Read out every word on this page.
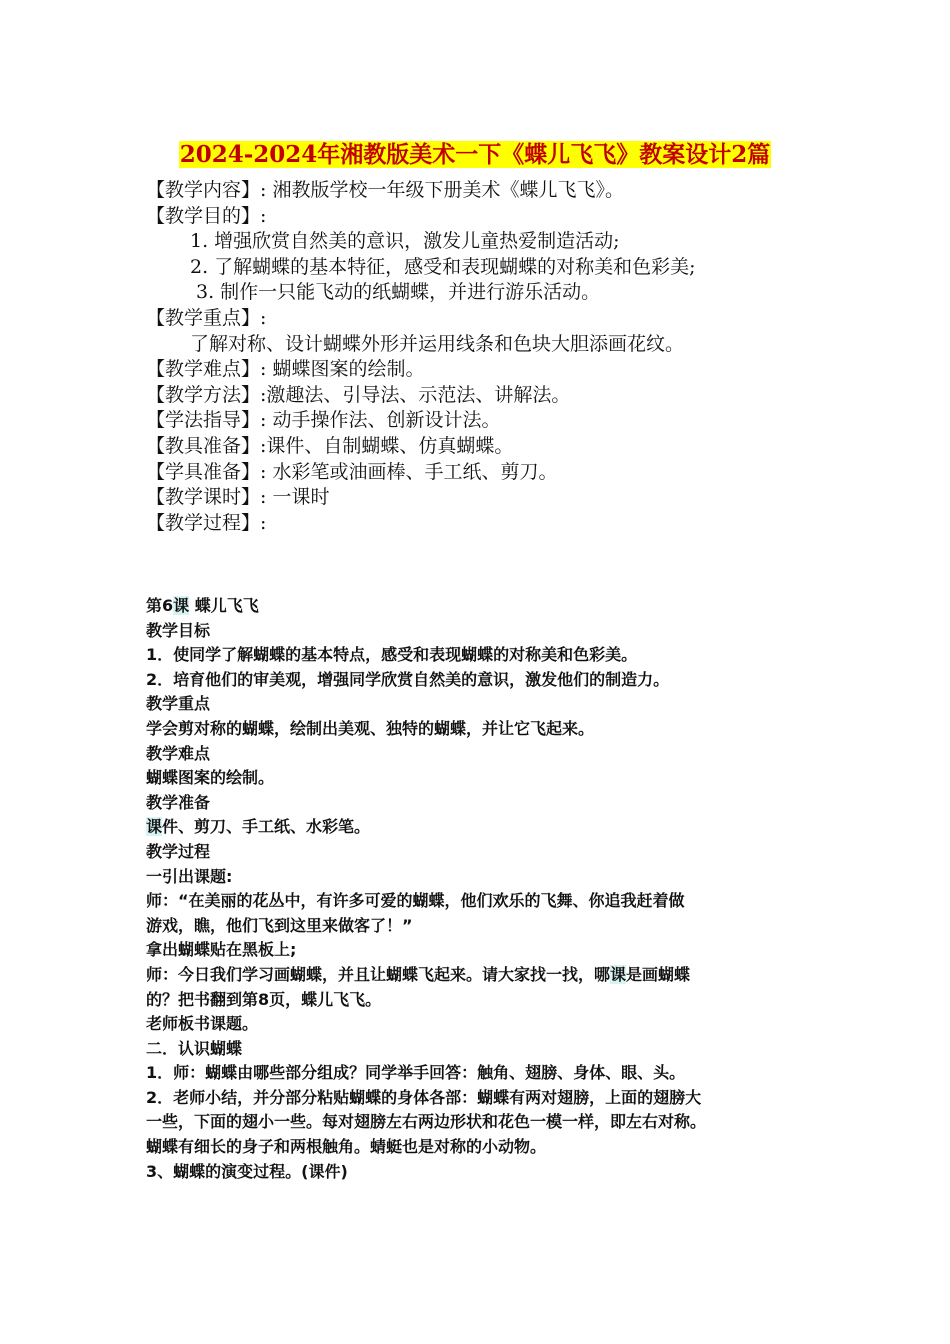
2024-2024年湘教版美术一下《蝶儿飞飞》教案设计2篇
【教学内容】: 湘教版学校一年级下册美术《蝶儿飞飞》。
【教学目的】:
1. 增强欣赏自然美的意识，激发儿童热爱制造活动;
2. 了解蝴蝶的基本特征，感受和表现蝴蝶的对称美和色彩美;
3. 制作一只能飞动的纸蝴蝶，并进行游乐活动。
【教学重点】:
了解对称、设计蝴蝶外形并运用线条和色块大胆添画花纹。
【教学难点】: 蝴蝶图案的绘制。
【教学方法】:激趣法、引导法、示范法、讲解法。
【学法指导】: 动手操作法、创新设计法。
【教具准备】:课件、自制蝴蝶、仿真蝴蝶。
【学具准备】: 水彩笔或油画棒、手工纸、剪刀。
【教学课时】: 一课时
【教学过程】:
第6课 蝶儿飞飞
教学目标
1．使同学了解蝴蝶的基本特点，感受和表现蝴蝶的对称美和色彩美。
2．培育他们的审美观，增强同学欣赏自然美的意识，激发他们的制造力。
教学重点
学会剪对称的蝴蝶，绘制出美观、独特的蝴蝶，并让它飞起来。
教学难点
蝴蝶图案的绘制。
教学准备
课件、剪刀、手工纸、水彩笔。
教学过程
一引出课题:
师：“在美丽的花丛中，有许多可爱的蝴蝶，他们欢乐的飞舞、你追我赶着做
游戏，瞧，他们飞到这里来做客了！”
拿出蝴蝶贴在黑板上;
师：今日我们学习画蝴蝶，并且让蝴蝶飞起来。请大家找一找，哪课是画蝴蝶
的？把书翻到第8页，蝶儿飞飞。
老师板书课题。
二．认识蝴蝶
1．师：蝴蝶由哪些部分组成？同学举手回答：触角、翅膀、身体、眼、头。
2．老师小结，并分部分粘贴蝴蝶的身体各部：蝴蝶有两对翅膀，上面的翅膀大
一些，下面的翅小一些。每对翅膀左右两边形状和花色一模一样，即左右对称。
蝴蝶有细长的身子和两根触角。蜻蜓也是对称的小动物。
3、蝴蝶的演变过程。(课件)
